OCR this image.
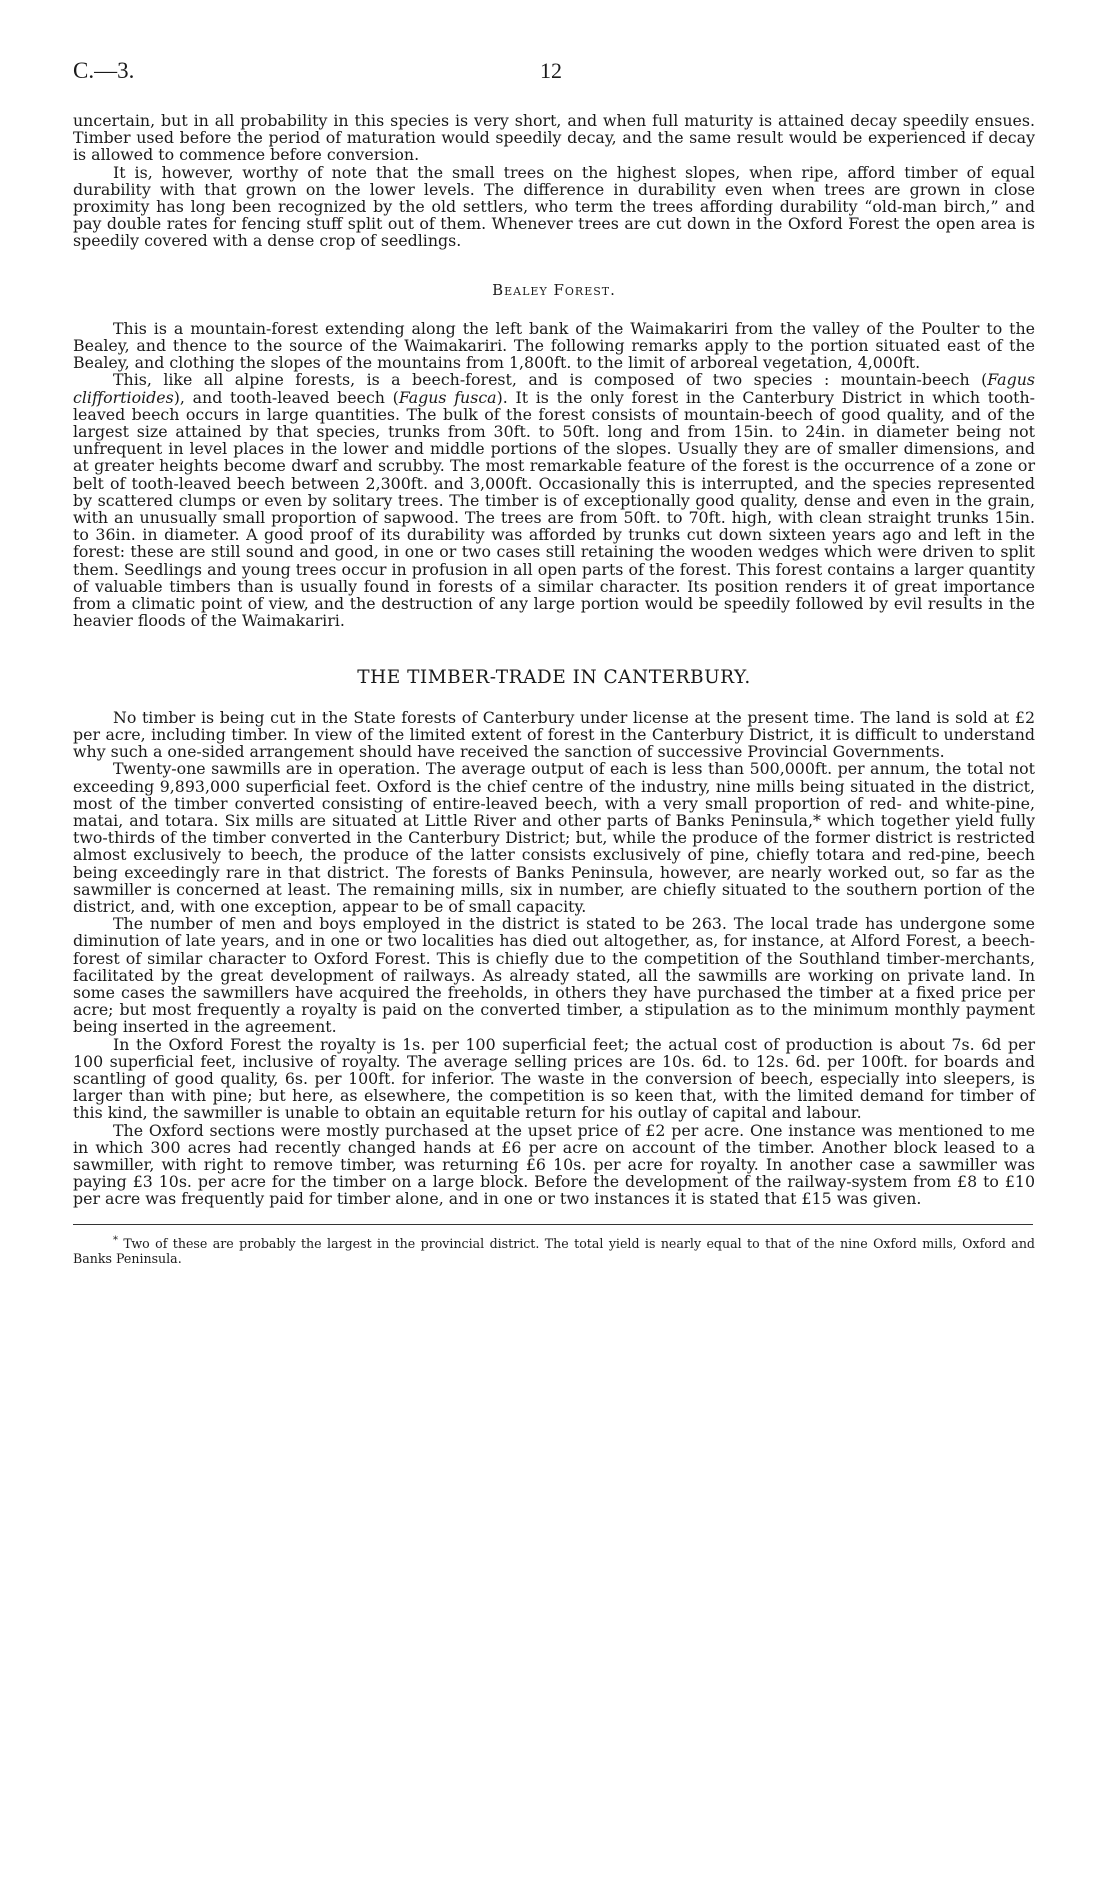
C.—3.	12

uncertain, but in all probability in this species is very short, and when full maturity is attained decay speedily ensues. Timber used before the period of maturation would speedily decay, and the same result would be experienced if decay is allowed to commence before conversion.

It is, however, worthy of note that the small trees on the highest slopes, when ripe, afford timber of equal durability with that grown on the lower levels. The difference in durability even when trees are grown in close proximity has long been recognized by the old settlers, who term the trees affording durability “old-man birch,” and pay double rates for fencing stuff split out of them. Whenever trees are cut down in the Oxford Forest the open area is speedily covered with a dense crop of seedlings.

Bealey Forest.

This is a mountain-forest extending along the left bank of the Waimakariri from the valley of the Poulter to the Bealey, and thence to the source of the Waimakariri. The following remarks apply to the portion situated east of the Bealey, and clothing the slopes of the mountains from 1,800ft. to the limit of arboreal vegetation, 4,000ft.

This, like all alpine forests, is a beech-forest, and is composed of two species : mountain-beech (Fagus cliffortioides), and tooth-leaved beech (Fagus fusca). It is the only forest in the Canterbury District in which tooth-leaved beech occurs in large quantities. The bulk of the forest consists of mountain-beech of good quality, and of the largest size attained by that species, trunks from 30ft. to 50ft. long and from 15in. to 24in. in diameter being not unfrequent in level places in the lower and middle portions of the slopes. Usually they are of smaller dimensions, and at greater heights become dwarf and scrubby. The most remarkable feature of the forest is the occurrence of a zone or belt of tooth-leaved beech between 2,300ft. and 3,000ft. Occasionally this is interrupted, and the species represented by scattered clumps or even by solitary trees. The timber is of exceptionally good quality, dense and even in the grain, with an unusually small proportion of sapwood. The trees are from 50ft. to 70ft. high, with clean straight trunks 15in. to 36in. in diameter. A good proof of its durability was afforded by trunks cut down sixteen years ago and left in the forest: these are still sound and good, in one or two cases still retaining the wooden wedges which were driven to split them. Seedlings and young trees occur in profusion in all open parts of the forest. This forest contains a larger quantity of valuable timbers than is usually found in forests of a similar character. Its position renders it of great importance from a climatic point of view, and the destruction of any large portion would be speedily followed by evil results in the heavier floods of the Waimakariri.

THE TIMBER-TRADE IN CANTERBURY.

No timber is being cut in the State forests of Canterbury under license at the present time. The land is sold at £2 per acre, including timber. In view of the limited extent of forest in the Canterbury District, it is difficult to understand why such a one-sided arrangement should have received the sanction of successive Provincial Governments.

Twenty-one sawmills are in operation. The average output of each is less than 500,000ft. per annum, the total not exceeding 9,893,000 superficial feet. Oxford is the chief centre of the industry, nine mills being situated in the district, most of the timber converted consisting of entire-leaved beech, with a very small proportion of red- and white-pine, matai, and totara. Six mills are situated at Little River and other parts of Banks Peninsula,* which together yield fully two-thirds of the timber converted in the Canterbury District; but, while the produce of the former district is restricted almost exclusively to beech, the produce of the latter consists exclusively of pine, chiefly totara and red-pine, beech being exceedingly rare in that district. The forests of Banks Peninsula, however, are nearly worked out, so far as the sawmiller is concerned at least. The remaining mills, six in number, are chiefly situated to the southern portion of the district, and, with one exception, appear to be of small capacity.

The number of men and boys employed in the district is stated to be 263. The local trade has undergone some diminution of late years, and in one or two localities has died out altogether, as, for instance, at Alford Forest, a beech-forest of similar character to Oxford Forest. This is chiefly due to the competition of the Southland timber-merchants, facilitated by the great development of railways. As already stated, all the sawmills are working on private land. In some cases the sawmillers have acquired the freeholds, in others they have purchased the timber at a fixed price per acre; but most frequently a royalty is paid on the converted timber, a stipulation as to the minimum monthly payment being inserted in the agreement.

In the Oxford Forest the royalty is 1s. per 100 superficial feet; the actual cost of production is about 7s. 6d per 100 superficial feet, inclusive of royalty. The average selling prices are 10s. 6d. to 12s. 6d. per 100ft. for boards and scantling of good quality, 6s. per 100ft. for inferior. The waste in the conversion of beech, especially into sleepers, is larger than with pine; but here, as elsewhere, the competition is so keen that, with the limited demand for timber of this kind, the sawmiller is unable to obtain an equitable return for his outlay of capital and labour.

The Oxford sections were mostly purchased at the upset price of £2 per acre. One instance was mentioned to me in which 300 acres had recently changed hands at £6 per acre on account of the timber. Another block leased to a sawmiller, with right to remove timber, was returning £6 10s. per acre for royalty. In another case a sawmiller was paying £3 10s. per acre for the timber on a large block. Before the development of the railway-system from £8 to £10 per acre was frequently paid for timber alone, and in one or two instances it is stated that £15 was given.

* Two of these are probably the largest in the provincial district. The total yield is nearly equal to that of the nine Oxford mills, Oxford and Banks Peninsula.
